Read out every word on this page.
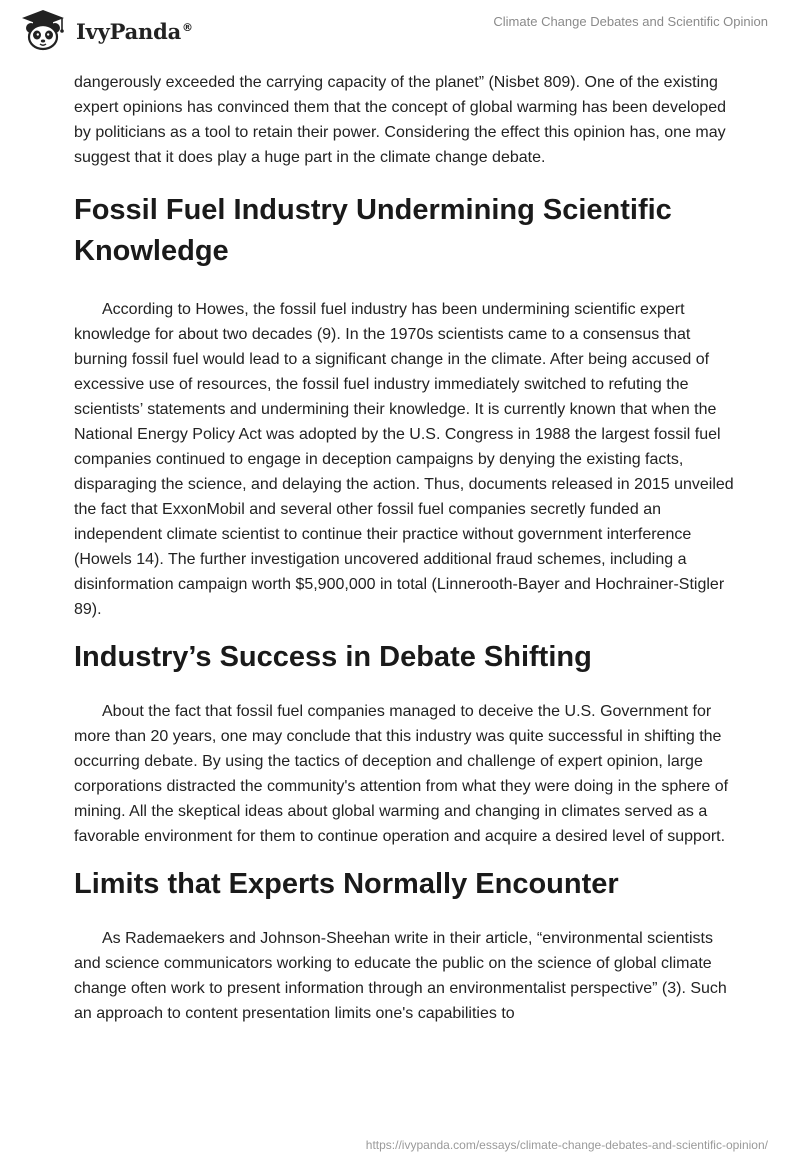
IvyPanda®	Climate Change Debates and Scientific Opinion

dangerously exceeded the carrying capacity of the planet” (Nisbet 809). One of the existing expert opinions has convinced them that the concept of global warming has been developed by politicians as a tool to retain their power. Considering the effect this opinion has, one may suggest that it does play a huge part in the climate change debate.

Fossil Fuel Industry Undermining Scientific Knowledge

According to Howes, the fossil fuel industry has been undermining scientific expert knowledge for about two decades (9). In the 1970s scientists came to a consensus that burning fossil fuel would lead to a significant change in the climate. After being accused of excessive use of resources, the fossil fuel industry immediately switched to refuting the scientists’ statements and undermining their knowledge. It is currently known that when the National Energy Policy Act was adopted by the U.S. Congress in 1988 the largest fossil fuel companies continued to engage in deception campaigns by denying the existing facts, disparaging the science, and delaying the action. Thus, documents released in 2015 unveiled the fact that ExxonMobil and several other fossil fuel companies secretly funded an independent climate scientist to continue their practice without government interference (Howels 14). The further investigation uncovered additional fraud schemes, including a disinformation campaign worth $5,900,000 in total (Linnerooth-Bayer and Hochrainer-Stigler 89).

Industry’s Success in Debate Shifting

About the fact that fossil fuel companies managed to deceive the U.S. Government for more than 20 years, one may conclude that this industry was quite successful in shifting the occurring debate. By using the tactics of deception and challenge of expert opinion, large corporations distracted the community's attention from what they were doing in the sphere of mining. All the skeptical ideas about global warming and changing in climates served as a favorable environment for them to continue operation and acquire a desired level of support.

Limits that Experts Normally Encounter

As Rademaekers and Johnson-Sheehan write in their article, “environmental scientists and science communicators working to educate the public on the science of global climate change often work to present information through an environmentalist perspective” (3). Such an approach to content presentation limits one's capabilities to

https://ivypanda.com/essays/climate-change-debates-and-scientific-opinion/
